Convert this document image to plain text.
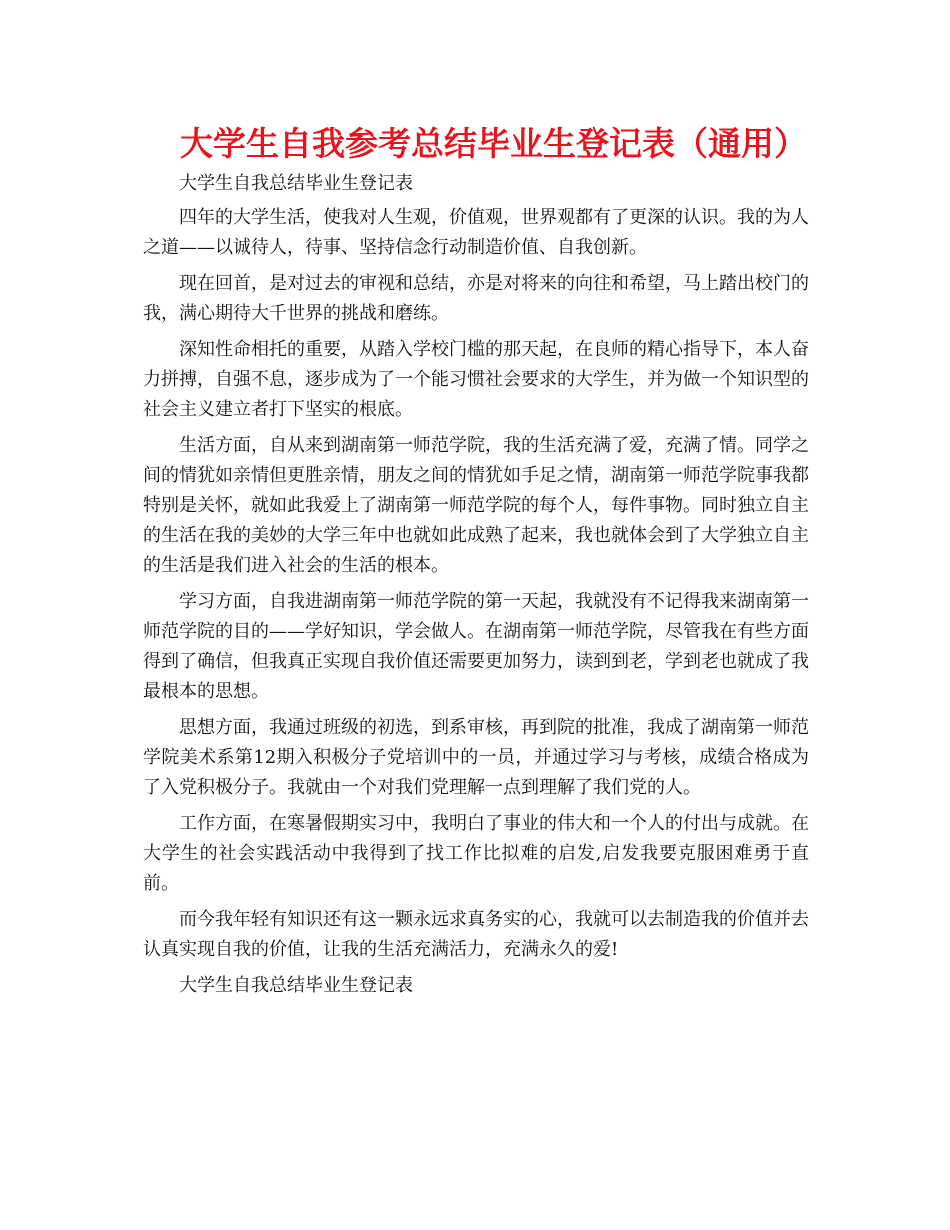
大学生自我参考总结毕业生登记表（通用）

大学生自我总结毕业生登记表

四年的大学生活，使我对人生观，价值观，世界观都有了更深的认识。我的为人之道——以诚待人，待事、坚持信念行动制造价值、自我创新。

现在回首，是对过去的审视和总结，亦是对将来的向往和希望，马上踏出校门的我，满心期待大千世界的挑战和磨练。

深知性命相托的重要，从踏入学校门槛的那天起，在良师的精心指导下，本人奋力拼搏，自强不息，逐步成为了一个能习惯社会要求的大学生，并为做一个知识型的社会主义建立者打下坚实的根底。

生活方面，自从来到湖南第一师范学院，我的生活充满了爱，充满了情。同学之间的情犹如亲情但更胜亲情，朋友之间的情犹如手足之情，湖南第一师范学院事我都特别是关怀，就如此我爱上了湖南第一师范学院的每个人，每件事物。同时独立自主的生活在我的美妙的大学三年中也就如此成熟了起来，我也就体会到了大学独立自主的生活是我们进入社会的生活的根本。

学习方面，自我进湖南第一师范学院的第一天起，我就没有不记得我来湖南第一师范学院的目的——学好知识，学会做人。在湖南第一师范学院，尽管我在有些方面得到了确信，但我真正实现自我价值还需要更加努力，读到到老，学到老也就成了我最根本的思想。

思想方面，我通过班级的初选，到系审核，再到院的批准，我成了湖南第一师范学院美术系第12期入积极分子党培训中的一员，并通过学习与考核，成绩合格成为了入党积极分子。我就由一个对我们党理解一点到理解了我们党的人。

工作方面，在寒暑假期实习中，我明白了事业的伟大和一个人的付出与成就。在大学生的社会实践活动中我得到了找工作比拟难的启发,启发我要克服困难勇于直前。

而今我年轻有知识还有这一颗永远求真务实的心，我就可以去制造我的价值并去认真实现自我的价值，让我的生活充满活力，充满永久的爱!

大学生自我总结毕业生登记表
